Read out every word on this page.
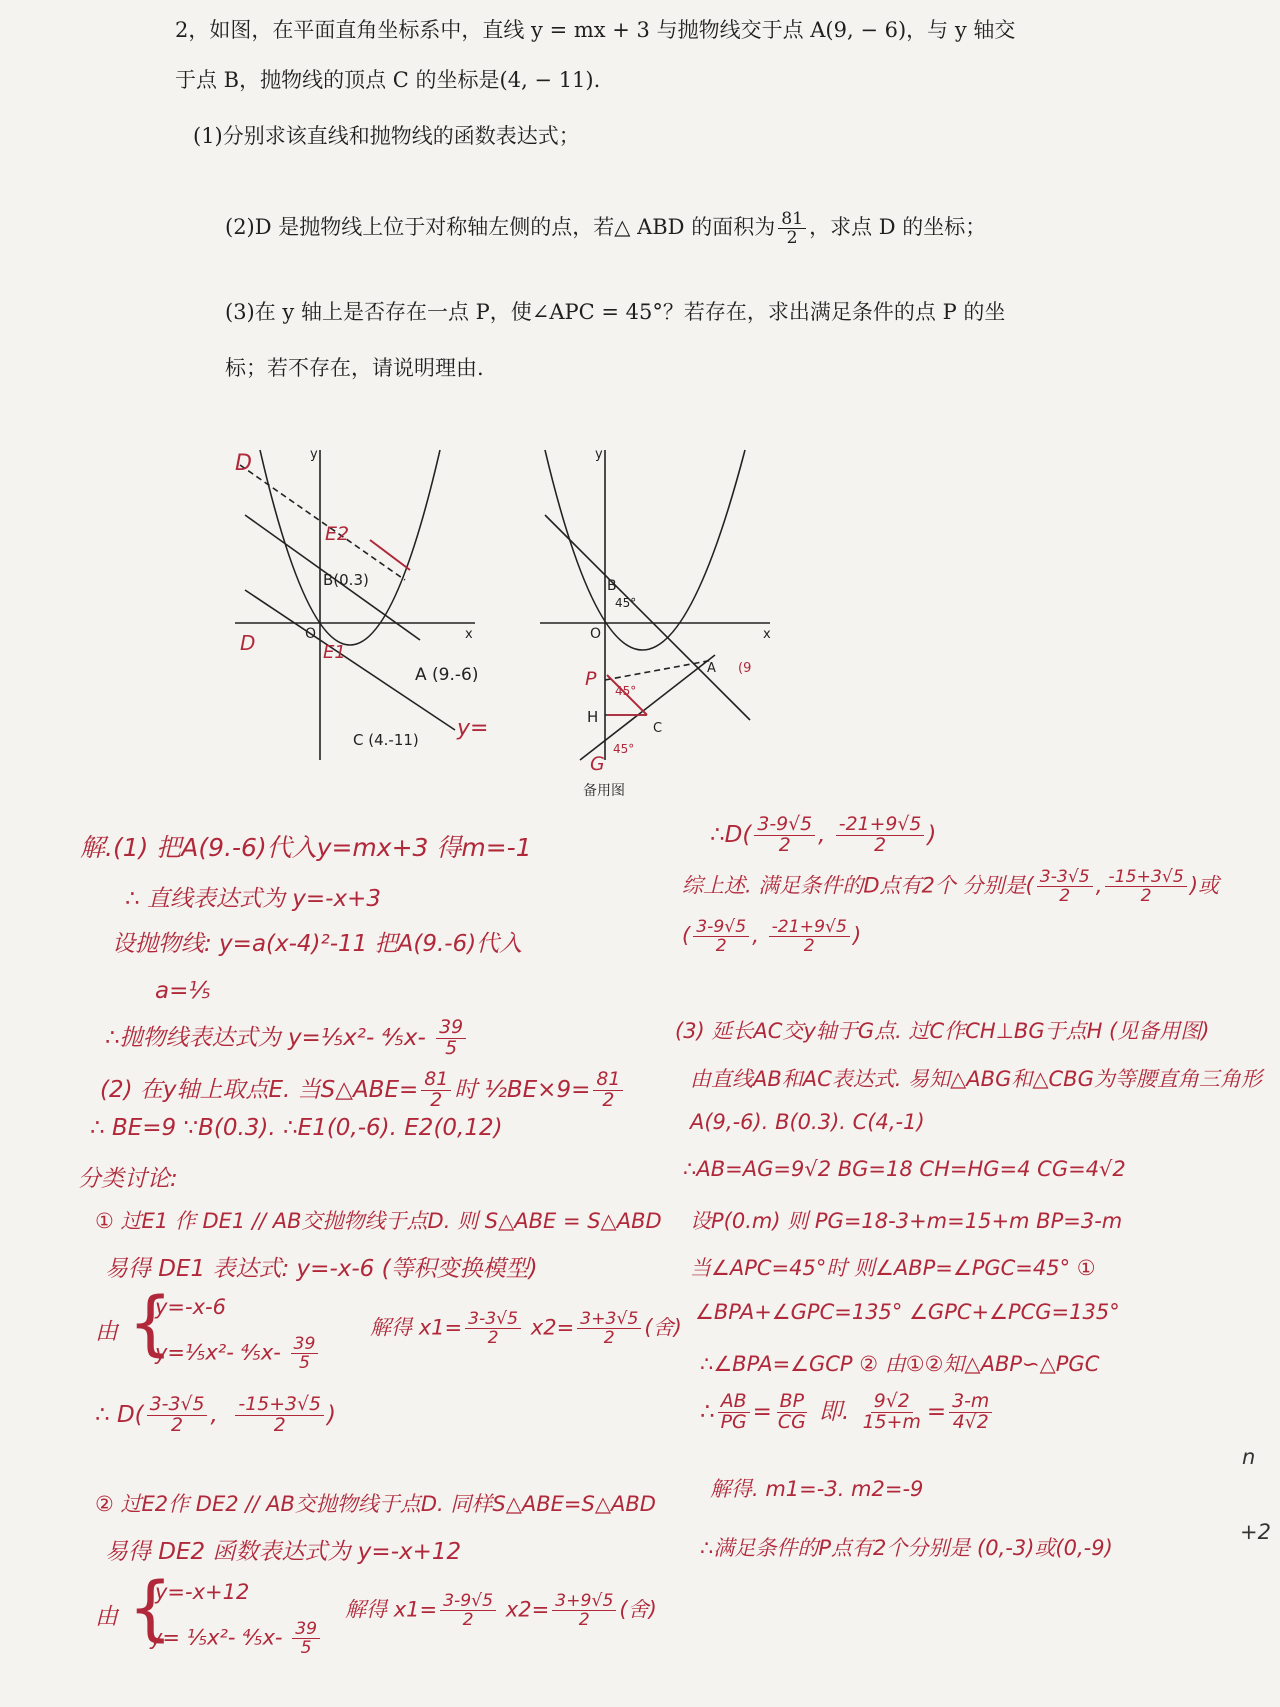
2，如图，在平面直角坐标系中，直线 y = mx + 3 与抛物线交于点 A(9, − 6)，与 y 轴交
于点 B，抛物线的顶点 C 的坐标是(4, − 11).
(1)分别求该直线和抛物线的函数表达式；
(2)D 是抛物线上位于对称轴左侧的点，若△ ABD 的面积为 $\frac{81}{2}$ ，求点 D 的坐标；
(3)在 y 轴上是否存在一点 P，使∠APC = 45°？若存在，求出满足条件的点 P 的坐
标；若不存在，请说明理由.
y
x
O
B(0.3)
A (9.-6)
C (4.-11)
D
E2
D	E1
y=
y
x
O
B
45°
A (9
P
45°
H
C
G
45°
备用图
解.(1) 把A(9.-6)代入y=mx+3 得m=-1
∴ 直线表达式为 y=-x+3
设抛物线: y=a(x-4)²-11 把A(9.-6)代入
a=⅕
∴抛物线表达式为 y=⅕x²- ⅘x- $\frac{39}{5}$
(2) 在y轴上取点E. 当S△ABE= $\frac{81}{2}$ 时 ½BE×9= $\frac{81}{2}$
∴ BE=9 ∵B(0.3). ∴E1(0,-6). E2(0,12)
分类讨论:
① 过E1 作 DE1 // AB交抛物线于点D. 则 S△ABE = S△ABD
易得 DE1 表达式: y=-x-6 (等积变换模型)
由 {
y=-x-6
y=⅕x²- ⅘x- $\frac{39}{5}$
解得 $x1= \frac{3-3√5}{2} x2= \frac{3+3√5}{2}$ (舍)
∴ $D( \frac{3-3√5}{2}$ , $\frac{-15+3√5}{2}$ )
② 过E2作 DE2 // AB交抛物线于点D. 同样S△ABE=S△ABD
易得 DE2 函数表达式为 y=-x+12
由 {
y=-x+12
y= ⅕x²- ⅘x- $\frac{39}{5}$
解得 $x1= \frac{3-9√5}{2} x2= \frac{3+9√5}{2}$ (舍)
∴D( $\frac{3-9√5}{2}$ , $\frac{-21+9√5}{2}$ )
综上述. 满足条件的D点有2个 分别是( $\frac{3-3√5}{2}$ , $\frac{-15+3√5}{2}$ )或
( $\frac{3-9√5}{2}$ , $\frac{-21+9√5}{2}$ )
(3) 延长AC交y轴于G点. 过C作CH⊥BG于点H (见备用图)
由直线AB和AC表达式. 易知△ABG和△CBG为等腰直角三角形
A(9,-6). B(0.3). C(4,-1)
∴AB=AG=9√2 BG=18 CH=HG=4 CG=4√2
设P(0.m) 则 PG=18-3+m=15+m BP=3-m
当∠APC=45°时 则∠ABP=∠PGC=45° ①
∠BPA+∠GPC=135° ∠GPC+∠PCG=135°
∴∠BPA=∠GCP ② 由①②知△ABP∽△PGC
∴ $\frac{AB}{PG} = \frac{BP}{CG}$ 即. $\frac{9√2}{15+m} = \frac{3-m}{4√2}$
解得. m1=-3. m2=-9
∴满足条件的P点有2个分别是 (0,-3)或(0,-9)
n
+2
